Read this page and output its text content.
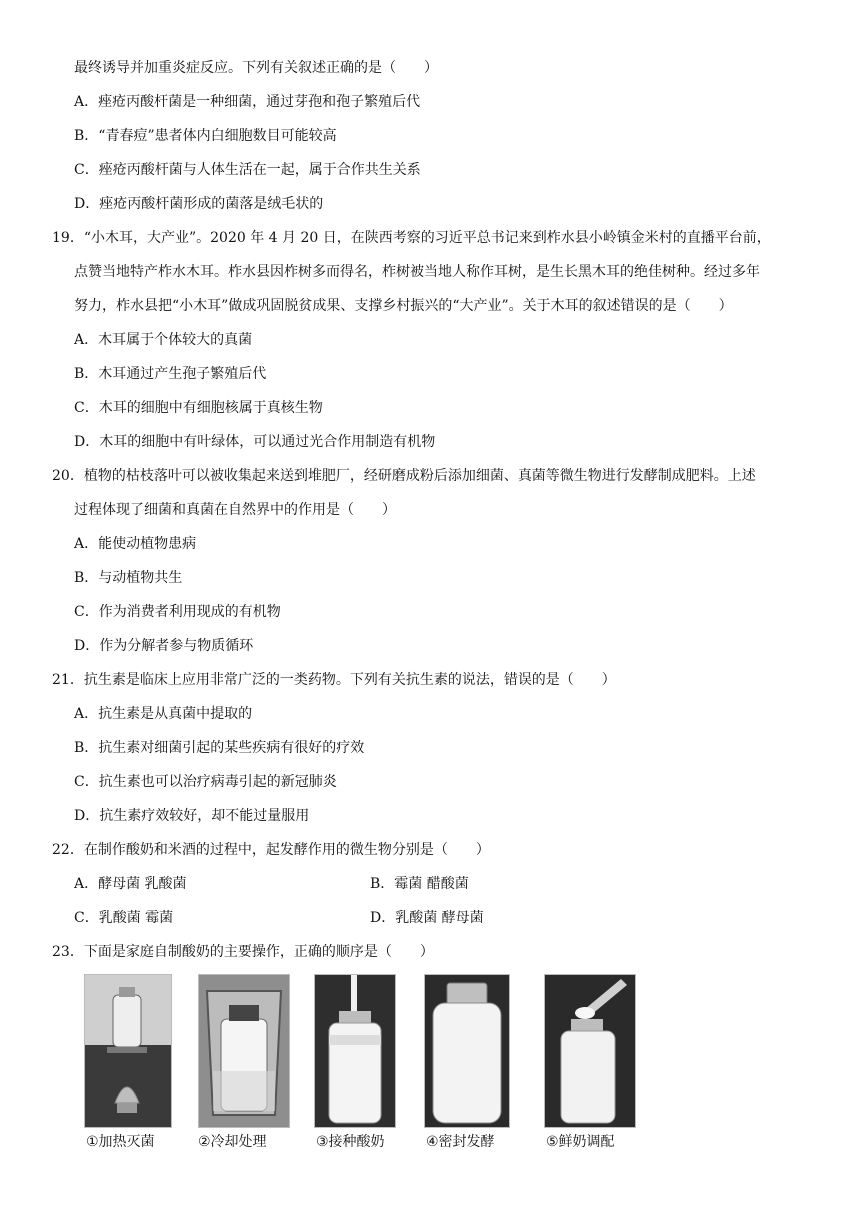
最终诱导并加重炎症反应。下列有关叙述正确的是（　　）
A．痤疮丙酸杆菌是一种细菌，通过芽孢和孢子繁殖后代
B．“青春痘”患者体内白细胞数目可能较高
C．痤疮丙酸杆菌与人体生活在一起，属于合作共生关系
D．痤疮丙酸杆菌形成的菌落是绒毛状的
19．“小木耳，大产业”。2020 年 4 月 20 日，在陕西考察的习近平总书记来到柞水县小岭镇金米村的直播平台前，
点赞当地特产柞水木耳。柞水县因柞树多而得名，柞树被当地人称作耳树，是生长黑木耳的绝佳树种。经过多年
努力，柞水县把“小木耳”做成巩固脱贫成果、支撑乡村振兴的“大产业”。关于木耳的叙述错误的是（　　）
A．木耳属于个体较大的真菌
B．木耳通过产生孢子繁殖后代
C．木耳的细胞中有细胞核属于真核生物
D．木耳的细胞中有叶绿体，可以通过光合作用制造有机物
20．植物的枯枝落叶可以被收集起来送到堆肥厂，经研磨成粉后添加细菌、真菌等微生物进行发酵制成肥料。上述
过程体现了细菌和真菌在自然界中的作用是（　　）
A．能使动植物患病
B．与动植物共生
C．作为消费者利用现成的有机物
D．作为分解者参与物质循环
21．抗生素是临床上应用非常广泛的一类药物。下列有关抗生素的说法，错误的是（　　）
A．抗生素是从真菌中提取的
B．抗生素对细菌引起的某些疾病有很好的疗效
C．抗生素也可以治疗病毒引起的新冠肺炎
D．抗生素疗效较好，却不能过量服用
22．在制作酸奶和米酒的过程中，起发酵作用的微生物分别是（　　）
A．酵母菌 乳酸菌	B．霉菌 醋酸菌
C．乳酸菌 霉菌	D．乳酸菌 酵母菌
23．下面是家庭自制酸奶的主要操作，正确的顺序是（　　）
①加热灭菌	②冷却处理	③接种酸奶	④密封发酵	⑤鲜奶调配
